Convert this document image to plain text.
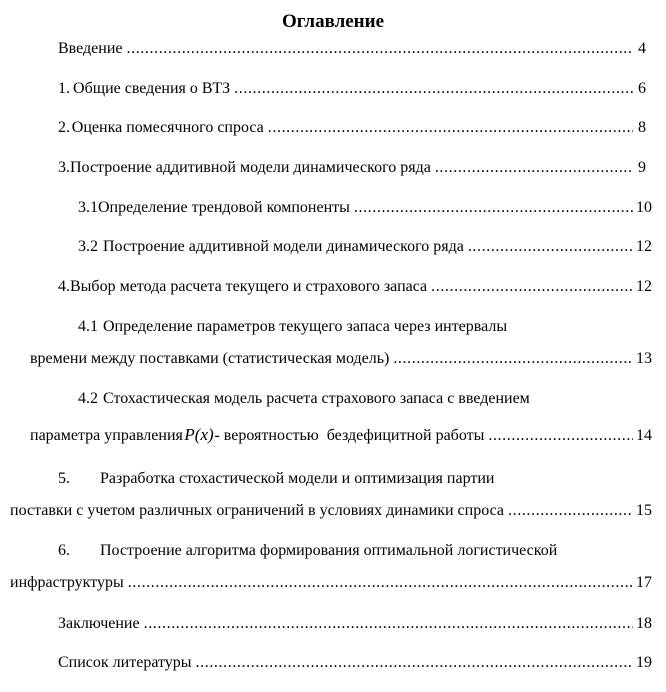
Оглавление
Введение .....	4
1. Общие сведения о ВТЗ .....	6
2. Оценка помесячного спроса .....	8
3. Построение аддитивной модели динамического ряда .....	9
3.1 Определение трендовой компоненты .....	10
3.2 Построение аддитивной модели динамического ряда .....	12
4. Выбор метода расчета текущего и страхового запаса .....	12
4.1 Определение параметров текущего запаса через интервалы
времени между поставками (статистическая модель) .....	13
4.2 Стохастическая модель расчета страхового запаса с введением
параметра управления P(x) - вероятностью  бездефицитной работы .....	14
5. Разработка стохастической модели и оптимизация партии
поставки с учетом различных ограничений в условиях динамики спроса .....	15
6. Построение алгоритма формирования оптимальной логистической
инфраструктуры .....	17
Заключение .....	18
Список литературы .....	19
